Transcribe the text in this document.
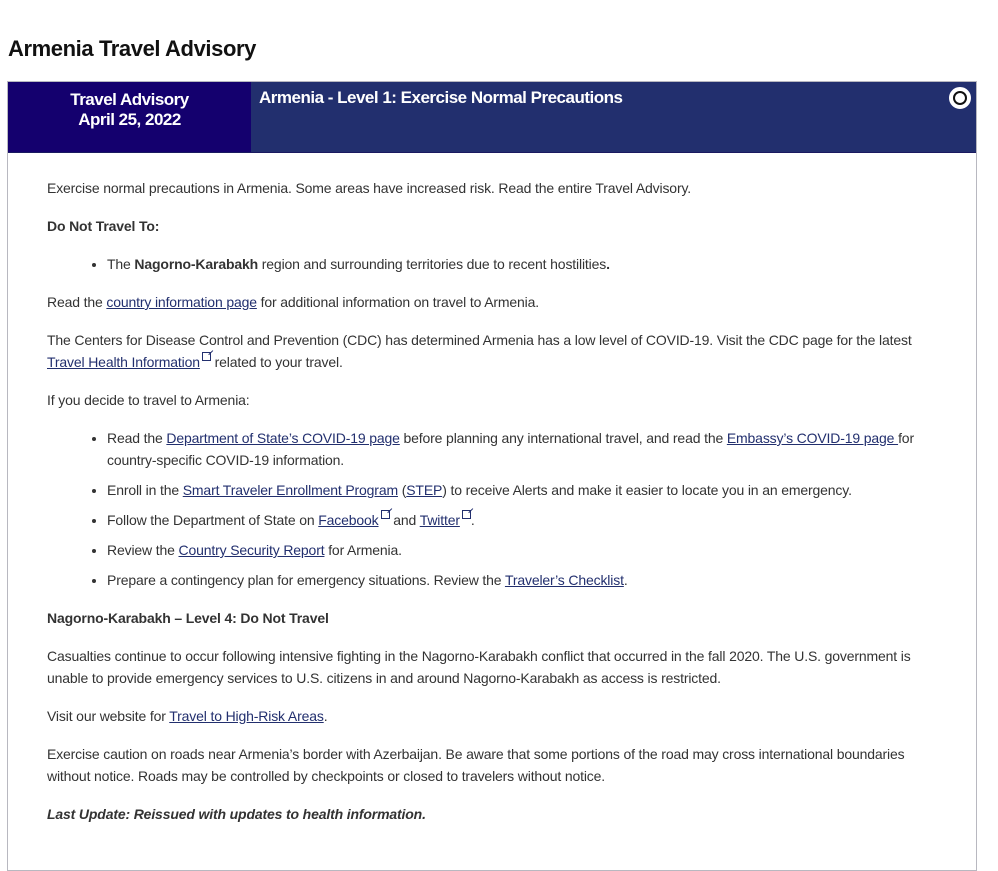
Armenia Travel Advisory
Travel Advisory
April 25, 2022
Armenia - Level 1: Exercise Normal Precautions

Exercise normal precautions in Armenia. Some areas have increased risk. Read the entire Travel Advisory.

Do Not Travel To:

• The Nagorno-Karabakh region and surrounding territories due to recent hostilities.

Read the country information page for additional information on travel to Armenia.

The Centers for Disease Control and Prevention (CDC) has determined Armenia has a low level of COVID-19. Visit the CDC page for the latest Travel Health Information related to your travel.

If you decide to travel to Armenia:

• Read the Department of State’s COVID-19 page before planning any international travel, and read the Embassy’s COVID-19 page for country-specific COVID-19 information.
• Enroll in the Smart Traveler Enrollment Program (STEP) to receive Alerts and make it easier to locate you in an emergency.
• Follow the Department of State on Facebook and Twitter .
• Review the Country Security Report for Armenia.
• Prepare a contingency plan for emergency situations. Review the Traveler’s Checklist.

Nagorno-Karabakh – Level 4: Do Not Travel

Casualties continue to occur following intensive fighting in the Nagorno-Karabakh conflict that occurred in the fall 2020. The U.S. government is unable to provide emergency services to U.S. citizens in and around Nagorno-Karabakh as access is restricted.

Visit our website for Travel to High-Risk Areas.

Exercise caution on roads near Armenia’s border with Azerbaijan. Be aware that some portions of the road may cross international boundaries without notice. Roads may be controlled by checkpoints or closed to travelers without notice.

Last Update: Reissued with updates to health information.
